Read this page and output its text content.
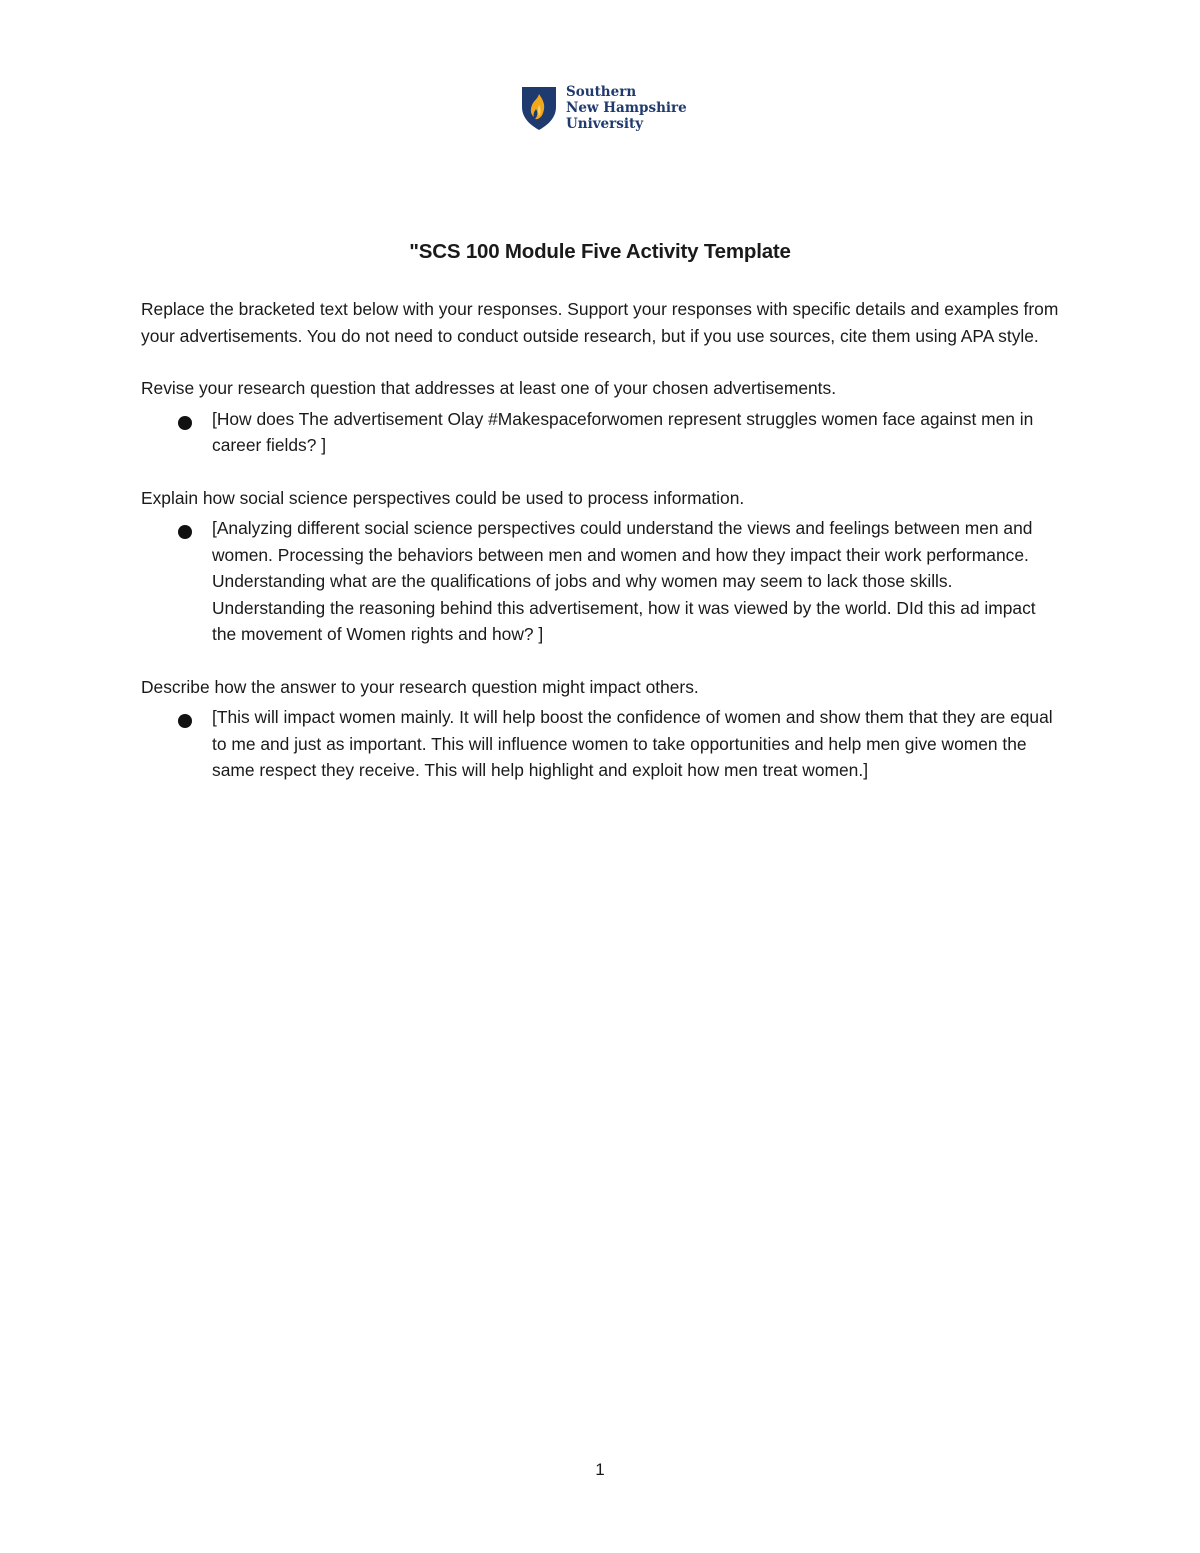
Southern
New Hampshire
University
"SCS 100 Module Five Activity Template

Replace the bracketed text below with your responses. Support your responses with specific details and examples from your advertisements. You do not need to conduct outside research, but if you use sources, cite them using APA style.

Revise your research question that addresses at least one of your chosen advertisements.

[How does The advertisement Olay #Makespaceforwomen represent struggles women face against men in career fields? ]

Explain how social science perspectives could be used to process information.

[Analyzing different social science perspectives could understand the views and feelings between men and women. Processing the behaviors between men and women and how they impact their work performance. Understanding what are the qualifications of jobs and why women may seem to lack those skills. Understanding the reasoning behind this advertisement, how it was viewed by the world. DId this ad impact the movement of Women rights and how? ]

Describe how the answer to your research question might impact others.

[This will impact women mainly. It will help boost the confidence of women and show them that they are equal to me and just as important. This will influence women to take opportunities and help men give women the same respect they receive. This will help highlight and exploit how men treat women.]

1
